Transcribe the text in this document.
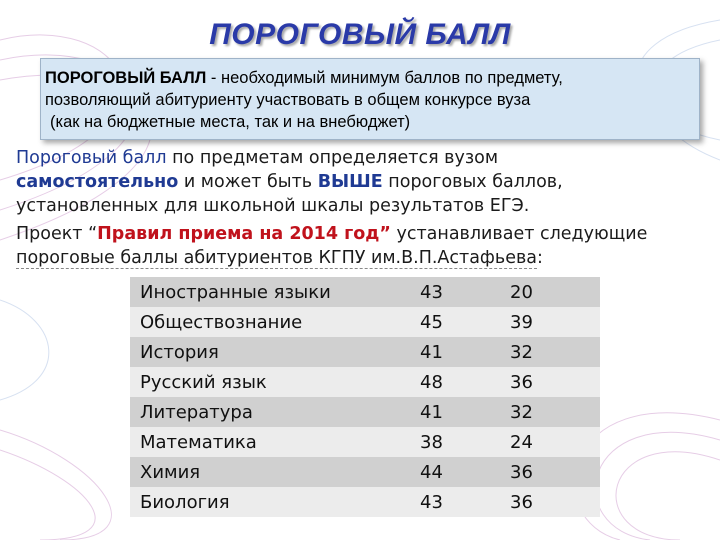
ПОРОГОВЫЙ БАЛЛ
ПОРОГОВЫЙ БАЛЛ - необходимый минимум баллов по предмету,
позволяющий абитуриенту участвовать в общем конкурсе вуза
(как на бюджетные места, так и на внебюджет)
Пороговый балл по предметам определяется вузом
самостоятельно и может быть ВЫШЕ пороговых баллов,
установленных для школьной шкалы результатов ЕГЭ.
Проект “Правил приема на 2014 год” устанавливает следующие
пороговые баллы абитуриентов КГПУ им.В.П.Астафьева:
Иностранные языки	43	20
Обществознание	45	39
История	41	32
Русский язык	48	36
Литература	41	32
Математика	38	24
Химия	44	36
Биология	43	36
